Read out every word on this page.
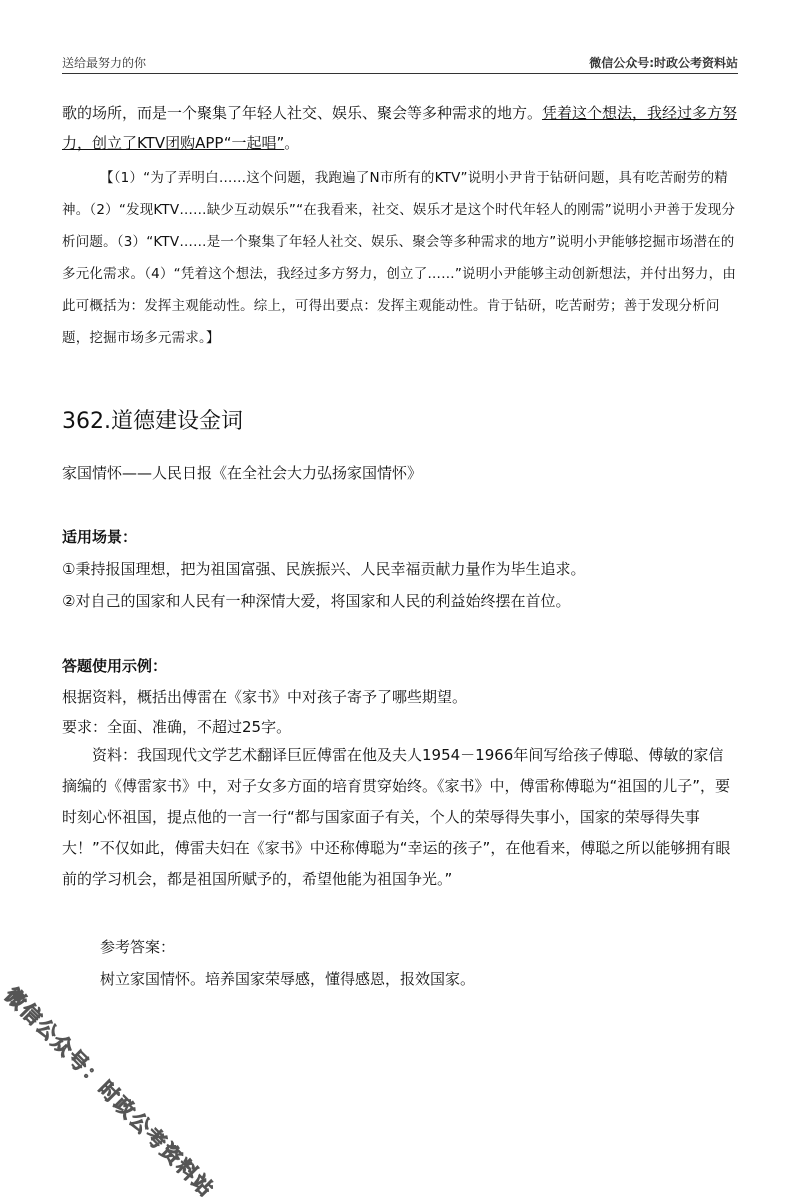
送给最努力的你	微信公众号:时政公考资料站

歌的场所，而是一个聚集了年轻人社交、娱乐、聚会等多种需求的地方。凭着这个想法，我经过多方努力，创立了KTV团购APP“一起唱”。

【（1）“为了弄明白……这个问题，我跑遍了N市所有的KTV”说明小尹肯于钻研问题，具有吃苦耐劳的精神。（2）“发现KTV……缺少互动娱乐”“在我看来，社交、娱乐才是这个时代年轻人的刚需”说明小尹善于发现分析问题。（3）“KTV……是一个聚集了年轻人社交、娱乐、聚会等多种需求的地方”说明小尹能够挖掘市场潜在的多元化需求。（4）“凭着这个想法，我经过多方努力，创立了……”说明小尹能够主动创新想法，并付出努力，由此可概括为：发挥主观能动性。综上，可得出要点：发挥主观能动性。肯于钻研，吃苦耐劳；善于发现分析问题，挖掘市场多元需求。】
362.道德建设金词
家国情怀——人民日报《在全社会大力弘扬家国情怀》
适用场景：
①秉持报国理想，把为祖国富强、民族振兴、人民幸福贡献力量作为毕生追求。
②对自己的国家和人民有一种深情大爱，将国家和人民的利益始终摆在首位。
答题使用示例：
根据资料，概括出傅雷在《家书》中对孩子寄予了哪些期望。
要求：全面、准确，不超过25字。
资料：我国现代文学艺术翻译巨匠傅雷在他及夫人1954－1966年间写给孩子傅聪、傅敏的家信摘编的《傅雷家书》中，对子女多方面的培育贯穿始终。《家书》中，傅雷称傅聪为“祖国的儿子”，要时刻心怀祖国，提点他的一言一行“都与国家面子有关，个人的荣辱得失事小，国家的荣辱得失事大！”不仅如此，傅雷夫妇在《家书》中还称傅聪为“幸运的孩子”，在他看来，傅聪之所以能够拥有眼前的学习机会，都是祖国所赋予的，希望他能为祖国争光。”
参考答案：
树立家国情怀。培养国家荣辱感，懂得感恩，报效国家。
微信公众号：时政公考资料站
